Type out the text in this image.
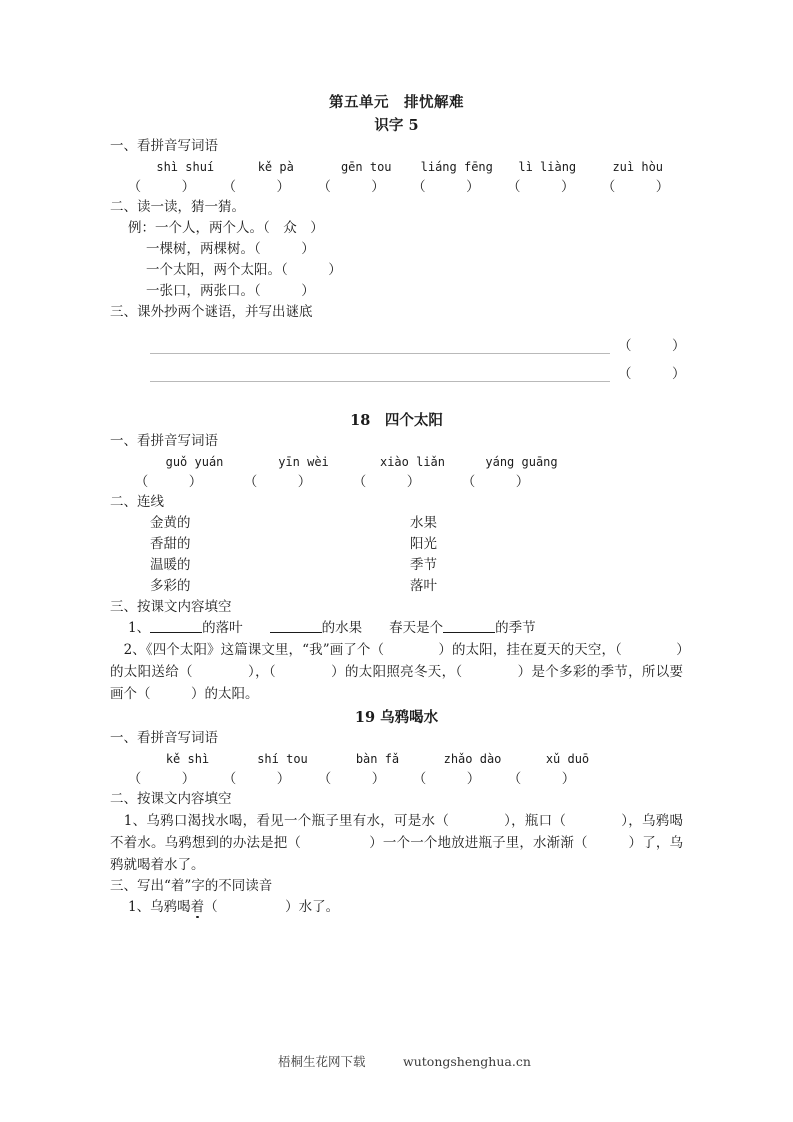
第五单元　排忧解难

识字 5

一、看拼音写词语

shì shuí	kě pà	gēn tou	liáng fēng	lì liàng	zuì hòu
（　　　）	（　　　）	（　　　）	（　　　）	（　　　）	（　　　）

二、读一读，猜一猜。

例：一个人，两个人。（　众　）

一棵树，两棵树。（　　　）

一个太阳，两个太阳。（　　　）

一张口，两张口。（　　　）

三、课外抄两个谜语，并写出谜底

（　　　）
（　　　）

18　四个太阳

一、看拼音写词语

guǒ yuán	yīn wèi	xiào liǎn	yáng guāng
（　　　）	（　　　）	（　　　）	（　　　）

二、连线

金黄的	水果
香甜的	阳光
温暖的	季节
多彩的	落叶

三、按课文内容填空

1、	的落叶　　	的水果　　 春天是个	的季节

　2、《四个太阳》这篇课文里，“我”画了个（　　　　）的太阳，挂在夏天的天空，（　　　　）的太阳送给（　　　　），（　　　　）的太阳照亮冬天，（　　　　）是个多彩的季节，所以要画个（　　　）的太阳。

19 乌鸦喝水

一、看拼音写词语

kě shì	shí tou	bàn fǎ	zhǎo dào	xǔ duō
（　　　）	（　　　）	（　　　）	（　　　）	（　　　）

二、按课文内容填空

　1、乌鸦口渴找水喝，看见一个瓶子里有水，可是水（　　　　），瓶口（　　　　），乌鸦喝不着水。乌鸦想到的办法是把（　　　　　）一个一个地放进瓶子里，水渐渐（　　　）了，乌鸦就喝着水了。

三、写出“着”字的不同读音

1、乌鸦喝着（　　　　　）水了。

梧桐生花网下载　　　	wutongshenghua.cn
